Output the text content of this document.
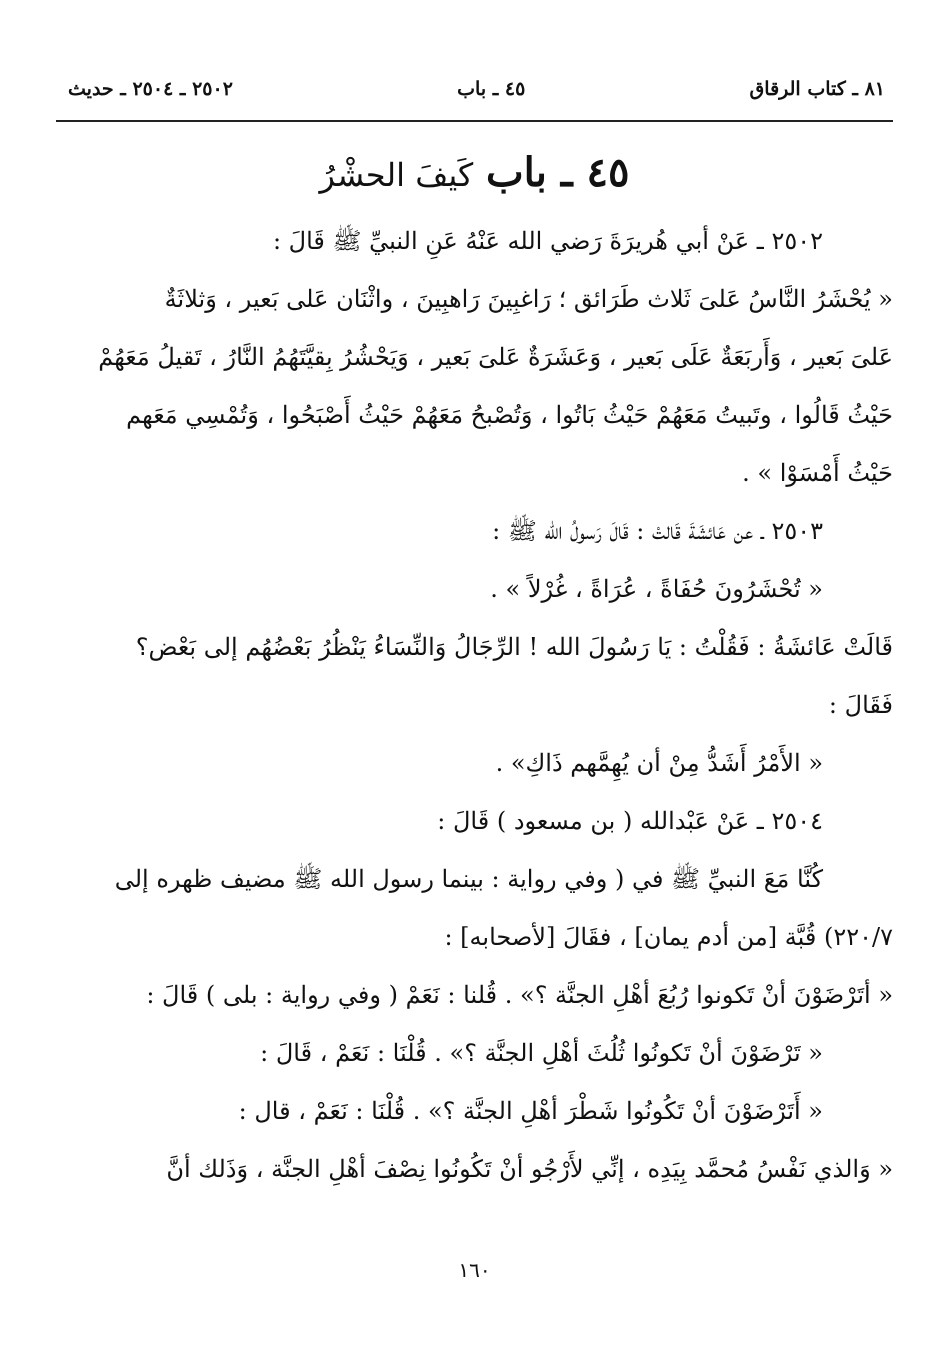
٨١ ـ كتاب الرقاق
٤٥ ـ باب
٢٥٠٢ ـ ٢٥٠٤ ـ حديث
٤٥ ـ باب كَيفَ الحشْرُ

٢٥٠٢ ـ عَنْ أبي هُريرَةَ رَضي الله عَنْهُ عَنِ النبيِّ ﷺ قَالَ :

« يُحْشَرُ النَّاسُ عَلىَ ثَلاث طَرَائق ؛ رَاغبِينَ رَاهبِينَ ، واثْنَان عَلى بَعير ، وَثلاثَةٌ

عَلىَ بَعير ، وَأَربَعَةٌ عَلَى بَعير ، وَعَشَرَةٌ عَلىَ بَعير ، وَيَحْشُرُ بِقيَّتَهُمُ النَّارُ ، تَقيلُ مَعَهُمْ

حَيْثُ قَالُوا ، وتَبيتُ مَعَهُمْ حَيْثُ بَاتُوا ، وَتُصْبحُ مَعَهُمْ حَيْثُ أَصْبَحُوا ، وَتُمْسِي مَعَهم

حَيْثُ أَمْسَوْا » .

٢٥٠٣ ـ عن عَائشَةَ قَالتْ : قَالَ رَسولُ الله ﷺ :

« تُحْشَرُونَ حُفَاةً ، عُرَاةً ، غُرْلاً » .

قَالَتْ عَائشَةُ : فَقُلْتُ : يَا رَسُولَ الله ! الرِّجَالُ وَالنِّسَاءُ يَنْظُرُ بَعْضُهُم إلى بَعْض؟

فَقَالَ :

« الأَمْرُ أَشَدُّ مِنْ أن يُهِمَّهم ذَاكِ» .

٢٥٠٤ ـ عَنْ عَبْدالله ( بن مسعود ) قَالَ :

كُنَّا مَعَ النبيِّ ﷺ في ( وفي رواية : بينما رسول الله ﷺ مضيف ظهره إلى

٢٢٠/٧) قُبَّة [من أدم يمان] ، فقَالَ [لأصحابه] :

« أتَرْضَوْنَ أنْ تَكونوا رُبُعَ أهْلِ الجنَّة ؟» . قُلنا : نَعَمْ ( وفي رواية : بلى ) قَالَ :

« تَرْضَوْنَ أنْ تَكونُوا ثُلُثَ أهْلِ الجنَّة ؟» . قُلْنَا : نَعَمْ ، قَالَ :

« أَتَرْضَوْنَ أنْ تَكُونُوا شَطْرَ أهْلِ الجنَّة ؟» . قُلْنَا : نَعَمْ ، قال :

« وَالذي نَفْسُ مُحمَّد بِيَدِه ، إنِّي لأَرْجُو أنْ تَكُونُوا نِصْفَ أهْلِ الجنَّة ، وَذَلك أنَّ

١٦٠
